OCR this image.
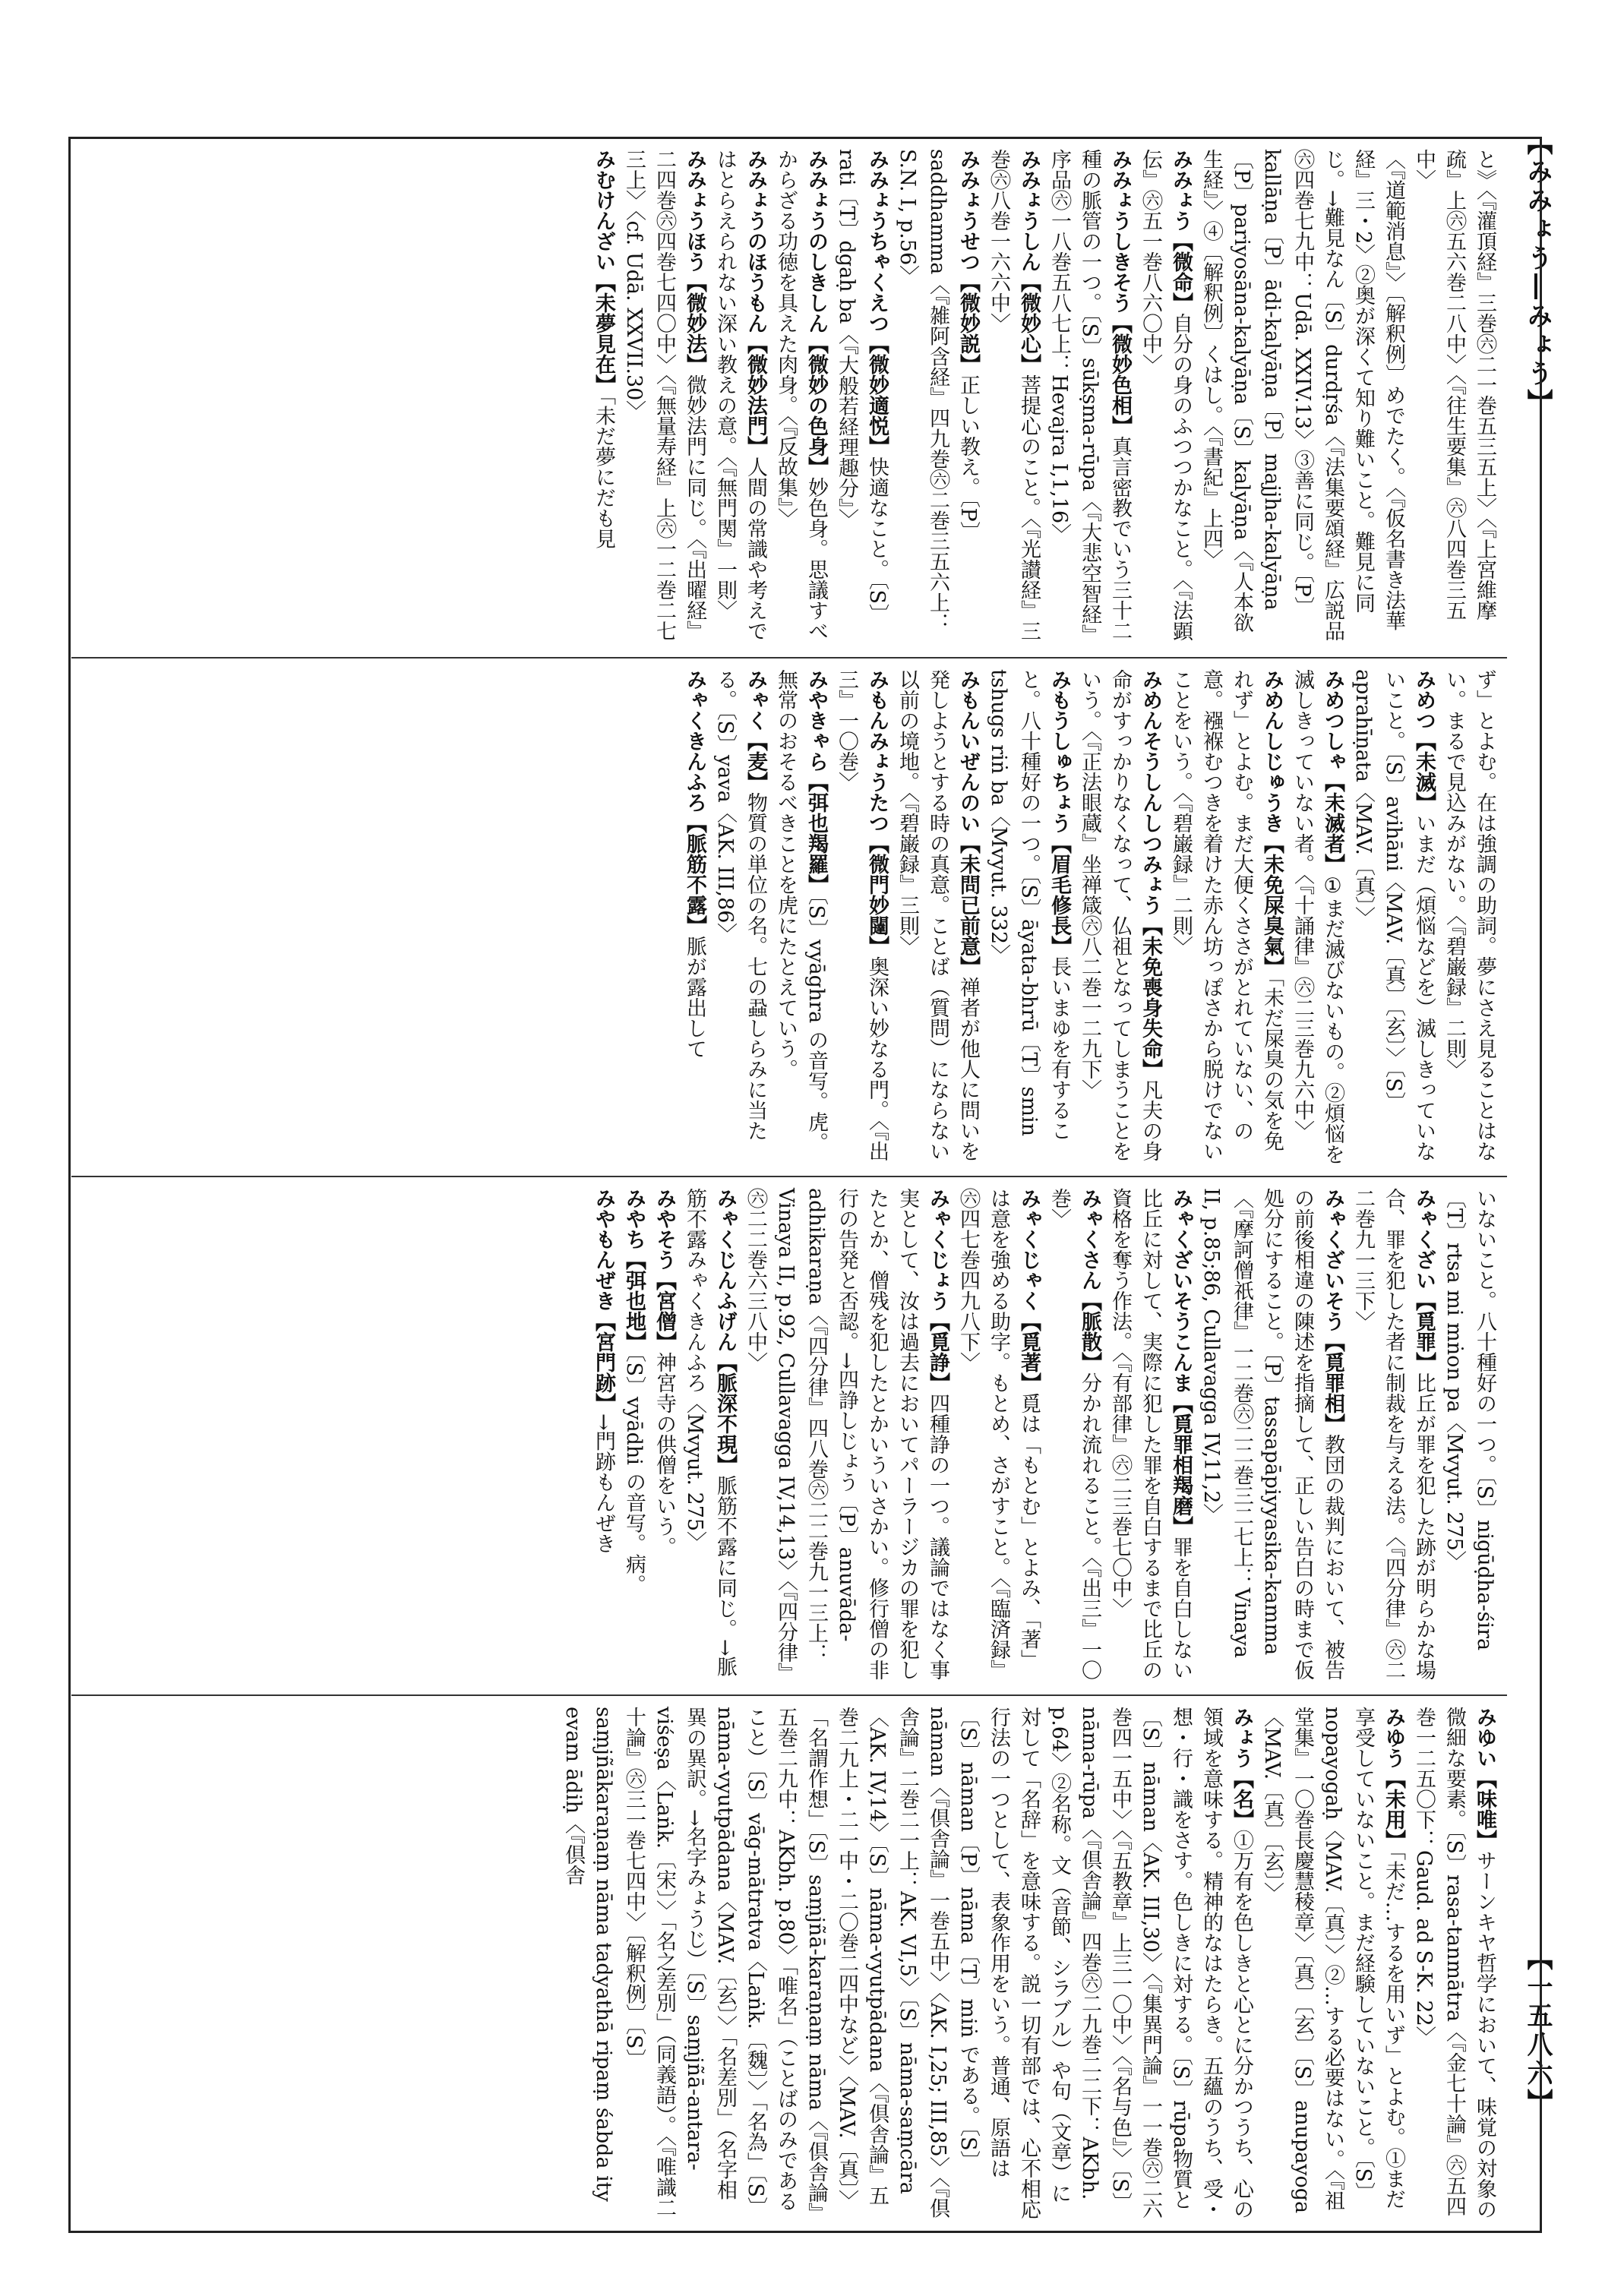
【みみょう―みょう】
【一五八六】

と》〈『灌頂経』三巻㊅二一巻五三五上〉〈『上宮維摩疏』上㊅五六巻二八中〉〈『往生要集』㊅八四巻三五中〉

〈『道範消息』〉〔解釈例〕めでたく。〈『仮名書き法華経』三・2〉②奥が深くて知り難いこと。難見に同じ。→難見なん〔S〕durdṛśa〈『法集要頌経』広説品㊅四巻七九中：Udā. XXIV.13〉③善に同じ。〔P〕kallāṇa〔P〕ādi-kalyāṇa〔P〕majjha-kalyāṇa〔P〕pariyosāna-kalyāṇa〔S〕kalyāṇa〈『人本欲生経』〉④〔解釈例〕くはし。〈『書紀』上四〉

みみょう【微命】自分の身のふつつかなこと。〈『法顕伝』㊅五一巻八六〇中〉

みみょうしきそう【微妙色相】真言密教でいう三十二種の脈管の一つ。〔S〕sūkṣma-rūpa〈『大悲空智経』序品㊅一八巻五八七上：Hevajra I,1,16〉

みみょうしん【微妙心】菩提心のこと。〈『光讃経』三巻㊅八巻一六六中〉

みみょうせつ【微妙説】正しい教え。〔P〕saddhamma〈『雑阿含経』四九巻㊅二巻三五六上：S.N. I, p.56〉

みみょうちゃくえつ【微妙適悦】快適なこと。〔S〕rati〔T〕dgaḥ ba〈『大般若経理趣分』〉

みみょうのしきしん【微妙の色身】妙色身。思議すべからざる功徳を具えた肉身。〈『反故集』〉

みみょうのほうもん【微妙法門】人間の常識や考えではとらえられない深い教えの意。〈『無門関』一則〉

みみょうほう【微妙法】微妙法門に同じ。〈『出曜経』二四巻㊅四巻七四〇中〉〈『無量寿経』上㊅一二巻二七三上〉〈cf. Udā. XXVII.30〉

みむけんざい【未夢見在】「未だ夢にだも見

ず」とよむ。在は強調の助詞。夢にさえ見ることはない。まるで見込みがない。〈『碧巌録』二則〉

みめつ【未滅】いまだ（煩悩などを）滅しきっていないこと。〔S〕avihāni〈MAV.〔真〕〔玄〕〉〔S〕aprahīṇata〈MAV.〔真〕〉

みめつしゃ【未滅者】①まだ滅びないもの。②煩悩を滅しきっていない者。〈『十誦律』㊅二三巻九六中〉

みめんしじゅうき【未免屎臭氣】「未だ屎臭の気を免れず」とよむ。まだ大便くささがとれていない、の意。襁褓むつきを着けた赤ん坊っぽさから脱けでないことをいう。〈『碧巌録』二則〉

みめんそうしんしつみょう【未免喪身失命】凡夫の身命がすっかりなくなって、仏祖となってしまうことをいう。〈『正法眼蔵』坐禅箴㊅八二巻一二九下〉

みもうしゅちょう【眉毛修長】長いまゆを有すること。八十種好の一つ。〔S〕āyata-bhrū〔T〕smin tshugs riṅ ba〈Mvyut. 332〉

みもんいぜんのい【未問已前意】禅者が他人に問いを発しようとする時の真意。ことば（質問）にならない以前の境地。〈『碧巌録』三則〉

みもんみょうたつ【微門妙闥】奥深い妙なる門。〈『出三』一〇巻〉

みやきゃら【弭也羯羅】〔S〕vyāghra の音写。虎。無常のおそるべきことを虎にたとえていう。

みゃく【麦】物質の単位の名。七の蝨しらみに当たる。〔S〕yava〈AK. III,86〉

みゃくきんふろ【脈筋不露】脈が露出して

いないこと。八十種好の一つ。〔S〕nigūḍha-śira〔T〕rtsa mi mṅon pa〈Mvyut. 275〉

みゃくざい【覓罪】比丘が罪を犯した跡が明らかな場合、罪を犯した者に制裁を与える法。〈『四分律』㊅二二巻九一三下〉

みゃくざいそう【覓罪相】教団の裁判において、被告の前後相違の陳述を指摘して、正しい告白の時まで仮処分にすること。〔P〕tassapāpiyyasika-kamma〈『摩訶僧祇律』一二巻㊅二二巻三二七上：Vinaya II, p.85;86, Cullavagga IV,11,2〉

みゃくざいそうこんま【覓罪相羯磨】罪を自白しない比丘に対して、実際に犯した罪を自白するまで比丘の資格を奪う作法。〈『有部律』㊅二三巻七〇中〉

みゃくさん【脈散】分かれ流れること。〈『出三』一〇巻〉

みゃくじゃく【覓著】覓は「もとむ」とよみ、「著」は意を強める助字。もとめ、さがすこと。〈『臨済録』㊅四七巻四九八下〉

みゃくじょう【覓諍】四種諍の一つ。議論ではなく事実として、汝は過去においてパーラージカの罪を犯したとか、僧残を犯したとかいういさかい。修行僧の非行の告発と否認。→四諍しじょう〔P〕anuvāda-adhikaraṇa〈『四分律』四八巻㊅二二巻九一三上：Vinaya II, p.92, Cullavagga IV,14,13〉〈『四分律』㊅二二巻六三八中〉

みゃくじんふげん【脈深不現】脈筋不露に同じ。→脈筋不露みゃくきんふろ〈Mvyut. 275〉

みやそう【宮僧】神宮寺の供僧をいう。

みやち【弭也地】〔S〕vyādhi の音写。病。

みやもんぜき【宮門跡】→門跡もんぜき

みゆい【味唯】サーンキヤ哲学において、味覚の対象の微細な要素。〔S〕rasa-tanmātra〈『金七十論』㊅五四巻一二五〇下：Gaud. ad S-K. 22〉

みゆう【未用】「未だ…するを用いず」とよむ。①まだ享受していないこと。まだ経験していないこと。〔S〕nopayogaḥ〈MAV.〔真〕〉②…する必要はない。〈『祖堂集』一〇巻長慶慧稜章〉〔真〕〔玄〕〔S〕anupayoga〈MAV.〔真〕〔玄〕〉

みょう【名】①万有を色しきと心とに分かつうち、心の領域を意味する。精神的なはたらき。五蘊のうち、受・想・行・識をさす。色しきに対する。〔S〕rūpa物質と〔S〕nāman〈AK. III,30〉〈『集異門論』一一巻㊅二六巻四一五中〉〈『五教章』上三一〇中〉〈『名与色』〉〔S〕nāma-rūpa〈『倶舎論』四巻㊅二九巻二二下：AKbh. p.64〉②名称。文（音節、シラブル）や句（文章）に対して「名辞」を意味する。説一切有部では、心不相応行法の一つとして、表象作用をいう。普通、原語は〔S〕nāman〔P〕nāma〔T〕miṅ である。〔S〕nāman〈『倶舎論』一巻五中〉〈AK. I,25; III,85〉〈『倶舎論』二巻二一上：AK. VI,5〉〔S〕nāma-saṃcāra〈AK. IV,14〉〔S〕nāma-vyutpādana〈『倶舎論』五巻二九上・二一中・二〇巻二四中など〉〈MAV.〔真〕〉「名謂作想」〔S〕saṃjñā-karaṇaṃ nāma〈『倶舎論』五巻二九中：AKbh. p.80〉「唯名」（ことばのみであること）〔S〕vāg-mātratva〈Laṅk.〔魏〕〉「名為」〔S〕nāma-vyutpādana〈MAV.〔玄〕〉「名差別」（名字相異の異訳。→名字みょうじ）〔S〕saṃjñā-antara-viśeṣa〈Laṅk.〔宋〕〉「名之差別」（同義語）。〈『唯識二十論』㊅三一巻七四中〉〔解釈例〕〔S〕saṃjñākaraṇaṃ nāma tadyathā ripaṃ śabda ity evam ādiḥ〈『倶舎
